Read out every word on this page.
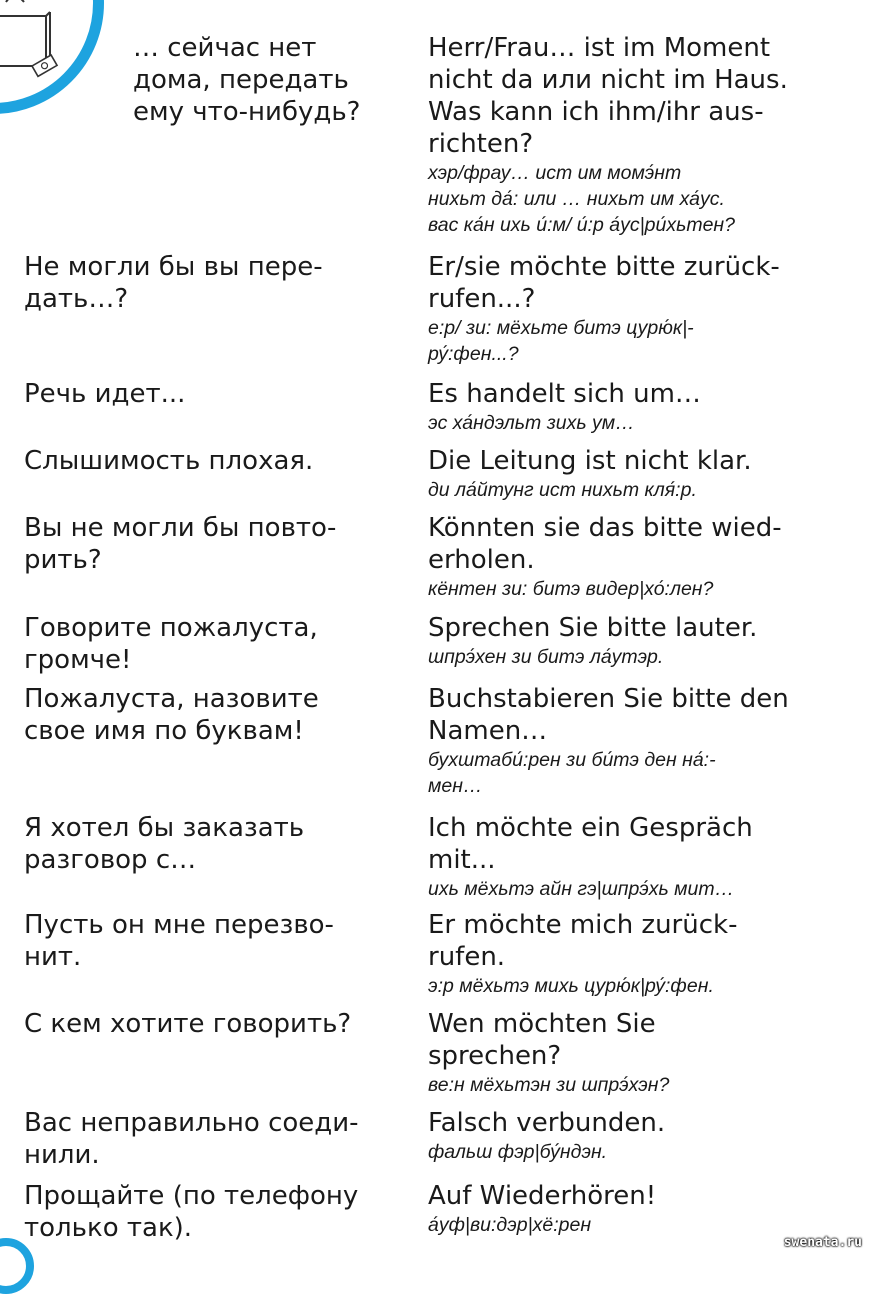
… сейчас нет
дома, передать
ему что-нибудь?
Herr/Frau… ist im Moment
nicht da или nicht im Haus.
Was kann ich ihm/ihr aus-
richten?
хэр/фрау… ист им момэ́нт
нихьт да́: или … нихьт им ха́ус.
вас ка́н ихь и́:м/ и́:р а́ус|ри́хьтен?
Не могли бы вы пере-
дать…?
Er/sie möchte bitte zurück-
rufen...?
е:р/ зи: мёхьте битэ цурю́к|-
ру́:фен...?
Речь идет...	Es handelt sich um…
эс ха́ндэльт зихь ум…
Слышимость плохая.	Die Leitung ist nicht klar.
ди ла́йтунг ист нихьт кля́:р.
Вы не могли бы повто-
рить?
Könnten sie das bitte wied-
erholen.
кёнтен зи: битэ видер|хо́:лен?
Говорите пожалуста,
громче!
Sprechen Sie bitte lauter.
шпрэ́хен зи битэ ла́утэр.
Пожалуста, назовите
свое имя по буквам!
Buchstabieren Sie bitte den
Namen…
бухштаби́:рен зи би́тэ ден на́:-
мен…
Я хотел бы заказать
разговор с…
Ich möchte ein Gespräch
mit...
ихь мёхьтэ айн гэ|шпрэ́хь мит…
Пусть он мне перезво-
нит.
Er möchte mich zurück-
rufen.
э:р мёхьтэ михь цурю́к|ру́:фен.
С кем хотите говорить?	Wen möchten Sie
sprechen?
ве:н мёхьтэн зи шпрэ́хэн?
Вас неправильно соеди-
нили.
Falsch verbunden.
фальш фэр|бу́ндэн.
Прощайте (по телефону
только так).
Auf Wiederhören!
а́уф|ви:дэр|хё:рен
swenata.ru
